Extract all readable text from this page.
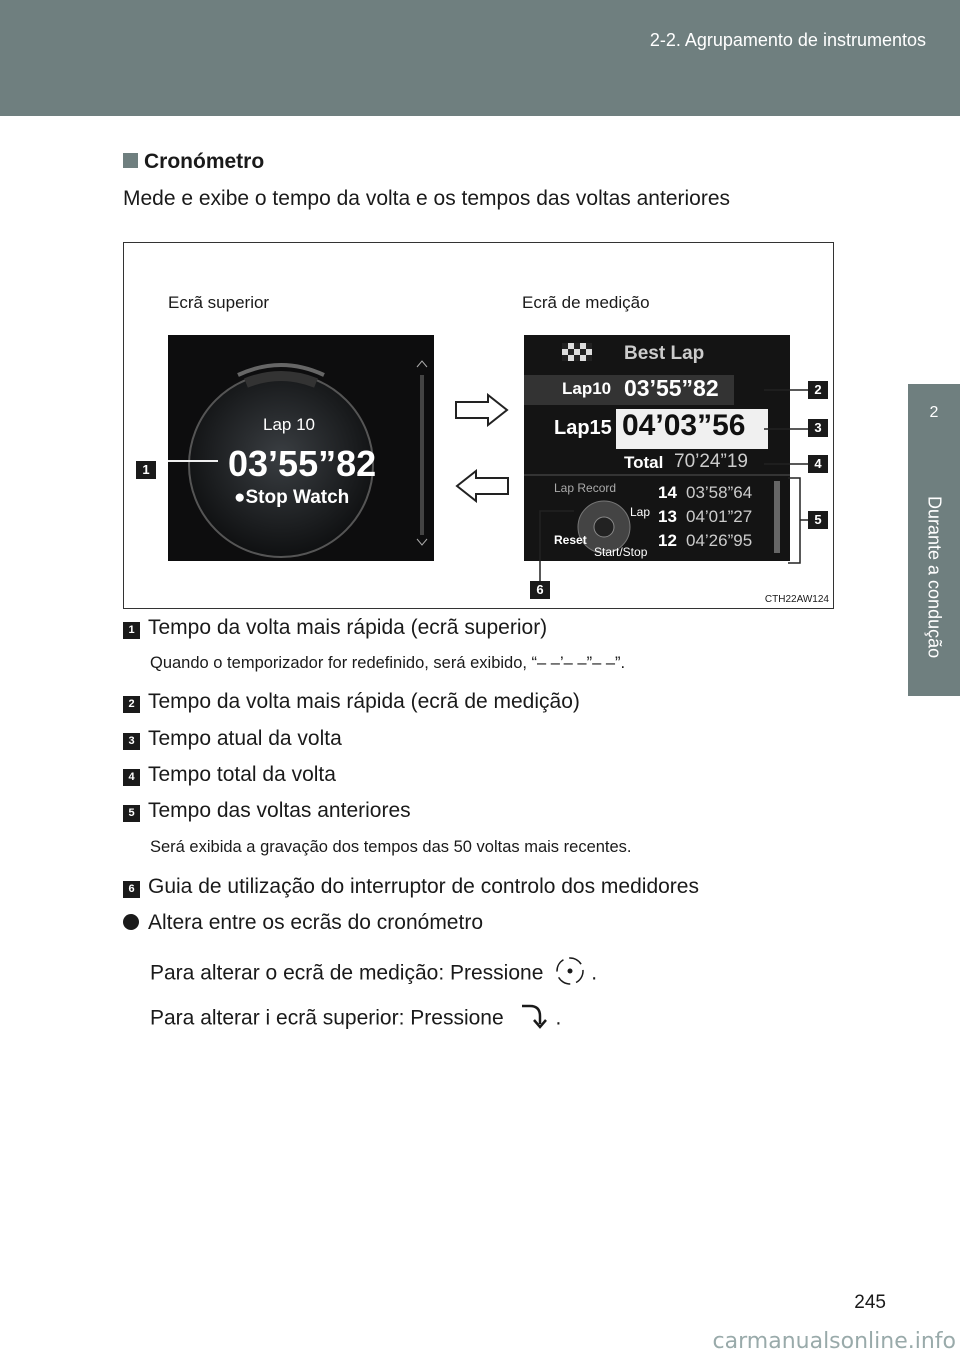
2-2. Agrupamento de instrumentos
2
Durante a condução
Cronómetro
Mede e exibe o tempo da volta e os tempos das voltas anteriores
Ecrã superior	Ecrã de medição
Lap 10
03’55”82
●Stop Watch
Best Lap
Lap10 03’55”82
Lap15 04’03”56
Total 70’24”19
Lap Record 14
13
12
03’58”64
04’01”27
04’26”95
Lap
Reset
Start/Stop
1
2
3
4
5
6
CTH22AW124
1 Tempo da volta mais rápida (ecrã superior)
Quando o temporizador for redefinido, será exibido, “– –’– –”– –”.
2 Tempo da volta mais rápida (ecrã de medição)
3 Tempo atual da volta
4 Tempo total da volta
5 Tempo das voltas anteriores
Será exibida a gravação dos tempos das 50 voltas mais recentes.
6 Guia de utilização do interruptor de controlo dos medidores
Altera entre os ecrãs do cronómetro
Para alterar o ecrã de medição: Pressione .
Para alterar i ecrã superior: Pressione .
245
carmanualsonline.info
